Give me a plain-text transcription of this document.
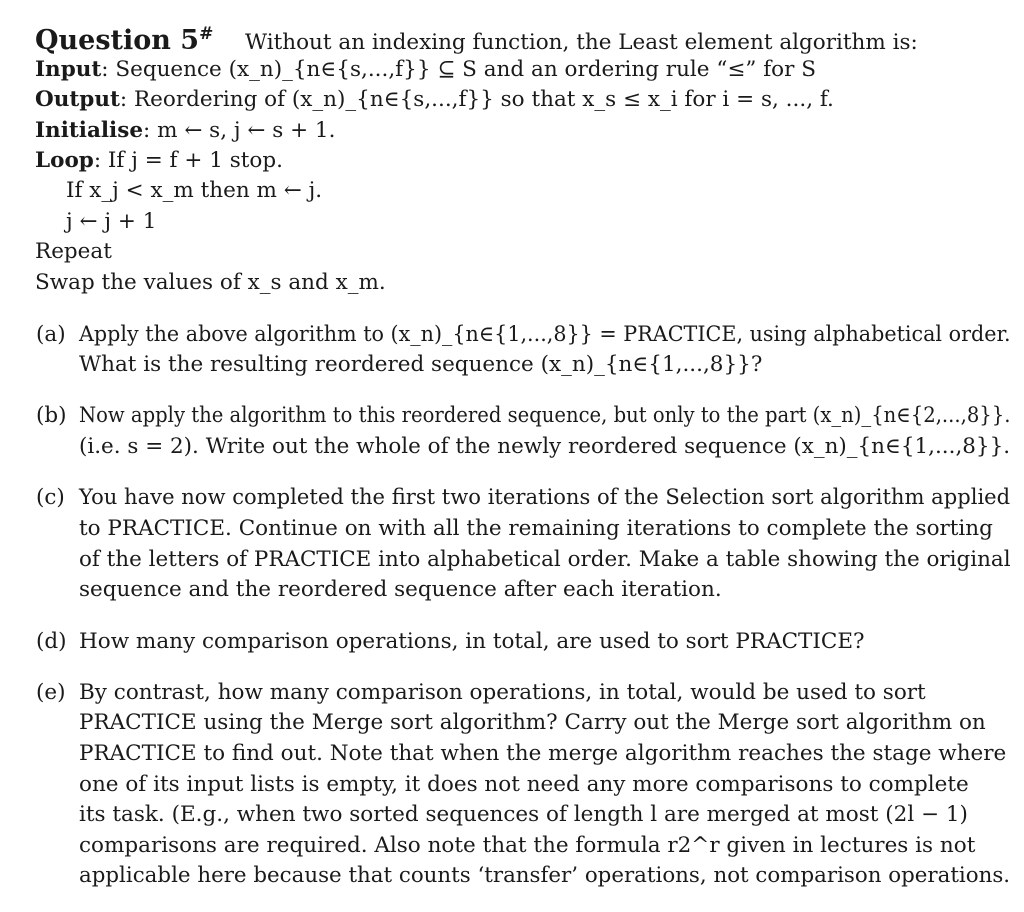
Question 5# Without an indexing function, the Least element algorithm is:
Input: Sequence (x_n)_{n∈{s,...,f}} ⊆ S and an ordering rule “≤” for S
Output: Reordering of (x_n)_{n∈{s,...,f}} so that x_s ≤ x_i for i = s, ..., f.
Initialise: m ← s, j ← s + 1.
Loop: If j = f + 1 stop.
If x_j < x_m then m ← j.
j ← j + 1
Repeat
Swap the values of x_s and x_m.
(a) Apply the above algorithm to (x_n)_{n∈{1,...,8}} = PRACTICE, using alphabetical order.
What is the resulting reordered sequence (x_n)_{n∈{1,...,8}}?
(b) Now apply the algorithm to this reordered sequence, but only to the part (x_n)_{n∈{2,...,8}}.
(i.e. s = 2). Write out the whole of the newly reordered sequence (x_n)_{n∈{1,...,8}}.
(c) You have now completed the first two iterations of the Selection sort algorithm applied
to PRACTICE. Continue on with all the remaining iterations to complete the sorting
of the letters of PRACTICE into alphabetical order. Make a table showing the original
sequence and the reordered sequence after each iteration.
(d) How many comparison operations, in total, are used to sort PRACTICE?
(e) By contrast, how many comparison operations, in total, would be used to sort
PRACTICE using the Merge sort algorithm? Carry out the Merge sort algorithm on
PRACTICE to find out. Note that when the merge algorithm reaches the stage where
one of its input lists is empty, it does not need any more comparisons to complete
its task. (E.g., when two sorted sequences of length l are merged at most (2l − 1)
comparisons are required. Also note that the formula r2^r given in lectures is not
applicable here because that counts ‘transfer’ operations, not comparison operations.
